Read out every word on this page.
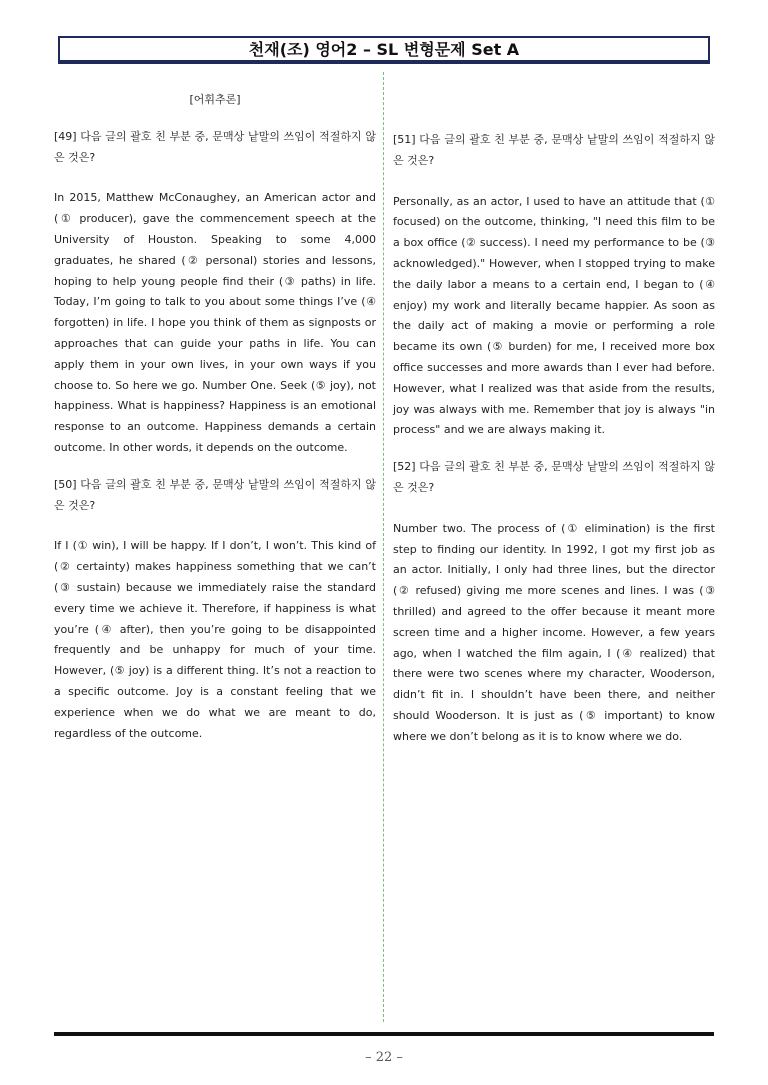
천재(조) 영어2 – SL 변형문제 Set A
[어휘추론]
[49] 다음 글의 괄호 친 부분 중, 문맥상 낱말의 쓰임이 적절하지 않은 것은?
In 2015, Matthew McConaughey, an American actor and (① producer), gave the commencement speech at the University of Houston. Speaking to some 4,000 graduates, he shared (② personal) stories and lessons, hoping to help young people find their (③ paths) in life. Today, I’m going to talk to you about some things I’ve (④ forgotten) in life. I hope you think of them as signposts or approaches that can guide your paths in life. You can apply them in your own lives, in your own ways if you choose to. So here we go. Number One. Seek (⑤ joy), not happiness. What is happiness? Happiness is an emotional response to an outcome. Happiness demands a certain outcome. In other words, it depends on the outcome.
[50] 다음 글의 괄호 친 부분 중, 문맥상 낱말의 쓰임이 적절하지 않은 것은?
If I (① win), I will be happy. If I don’t, I won’t. This kind of (② certainty) makes happiness something that we can’t (③ sustain) because we immediately raise the standard every time we achieve it. Therefore, if happiness is what you’re (④ after), then you’re going to be disappointed frequently and be unhappy for much of your time. However, (⑤ joy) is a different thing. It’s not a reaction to a specific outcome. Joy is a constant feeling that we experience when we do what we are meant to do, regardless of the outcome.
[51] 다음 글의 괄호 친 부분 중, 문맥상 낱말의 쓰임이 적절하지 않은 것은?
Personally, as an actor, I used to have an attitude that (① focused) on the outcome, thinking, "I need this film to be a box office (② success). I need my performance to be (③ acknowledged)." However, when I stopped trying to make the daily labor a means to a certain end, I began to (④ enjoy) my work and literally became happier. As soon as the daily act of making a movie or performing a role became its own (⑤ burden) for me, I received more box office successes and more awards than I ever had before. However, what I realized was that aside from the results, joy was always with me. Remember that joy is always "in process" and we are always making it.
[52] 다음 글의 괄호 친 부분 중, 문맥상 낱말의 쓰임이 적절하지 않은 것은?
Number two. The process of (① elimination) is the first step to finding our identity. In 1992, I got my first job as an actor. Initially, I only had three lines, but the director (② refused) giving me more scenes and lines. I was (③ thrilled) and agreed to the offer because it meant more screen time and a higher income. However, a few years ago, when I watched the film again, I (④ realized) that there were two scenes where my character, Wooderson, didn’t fit in. I shouldn’t have been there, and neither should Wooderson. It is just as (⑤ important) to know where we don’t belong as it is to know where we do.
– 22 –
